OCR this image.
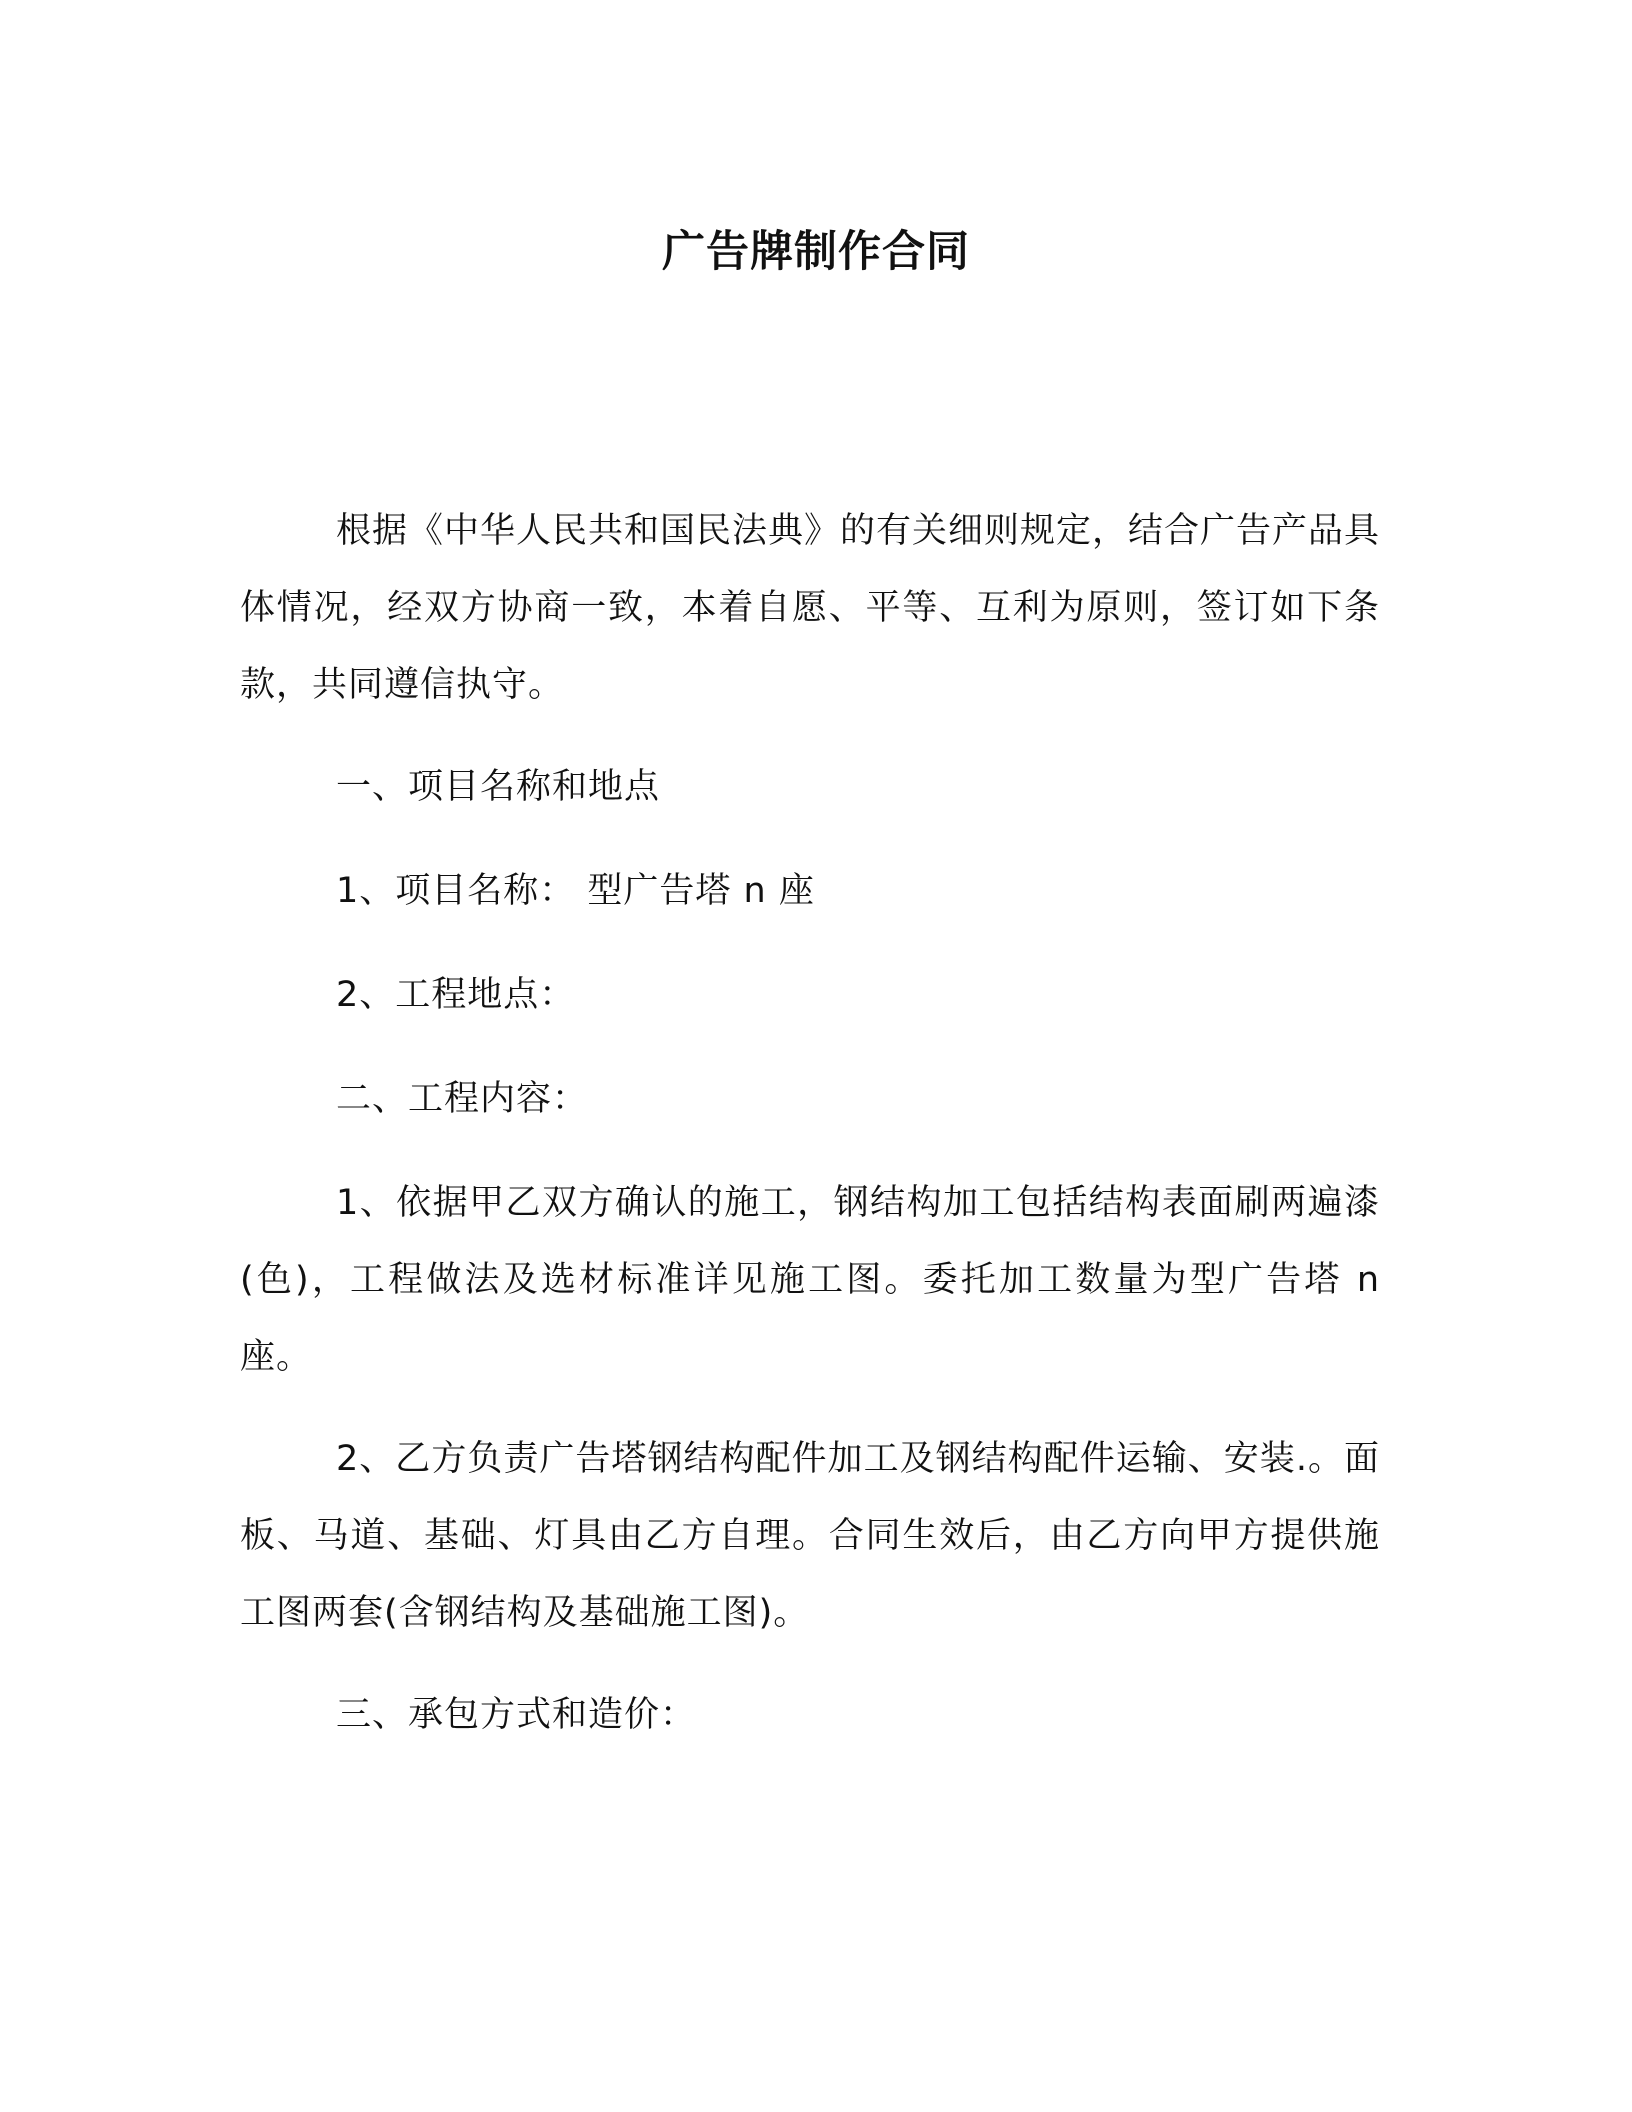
广告牌制作合同

根据《中华人民共和国民法典》的有关细则规定，结合广告产品具体情况，经双方协商一致，本着自愿、平等、互利为原则，签订如下条款，共同遵信执守。

一、项目名称和地点

1、项目名称： 型广告塔 n 座

2、工程地点：

二、工程内容：

1、依据甲乙双方确认的施工，钢结构加工包括结构表面刷两遍漆(色)，工程做法及选材标准详见施工图。委托加工数量为型广告塔 n 座。

2、乙方负责广告塔钢结构配件加工及钢结构配件运输、安装.。面板、马道、基础、灯具由乙方自理。合同生效后，由乙方向甲方提供施工图两套(含钢结构及基础施工图)。

三、承包方式和造价：
